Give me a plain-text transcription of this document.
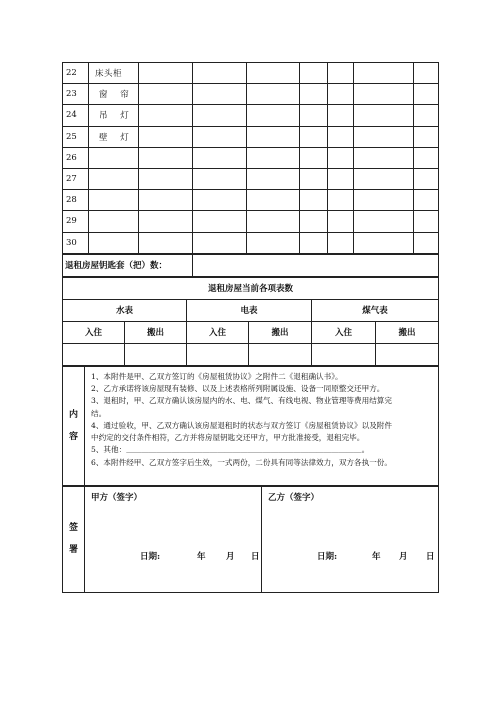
22	床头柜							
23	窗 帘							
24	吊 灯							
25	壁 灯							
26								
27								
28								
29								
30								
退租房屋钥匙套（把）数：	
退租房屋当前各项表数					
水表		电表		煤气表	
入住	搬出	入住	搬出	入住	搬出

内
容

1、本附件是甲、乙双方签订的《房屋租赁协议》之附件二《退租确认书》。
2、乙方承诺将该房屋现有装修、以及上述表格所列附属设施、设备一同原整交还甲方。
3、退租时，甲、乙双方确认该房屋内的水、电、煤气、有线电视、物业管理等费用结算完
结。
4、通过验收，甲、乙双方确认该房屋退租时的状态与双方签订《房屋租赁协议》以及附件
中约定的交付条件相符，乙方并将房屋钥匙交还甲方，甲方批准接受，退租完毕。
5、其他：＿＿＿＿＿＿＿＿＿＿＿＿＿＿＿＿＿＿＿＿＿＿＿＿＿＿＿＿＿＿＿。
6、本附件经甲、乙双方签字后生效，一式两份，二份具有同等法律效力，双方各执一份。
签
署

甲方（签字）
日期:	年 月 日

乙方（签字）
日期:	年 月 日
